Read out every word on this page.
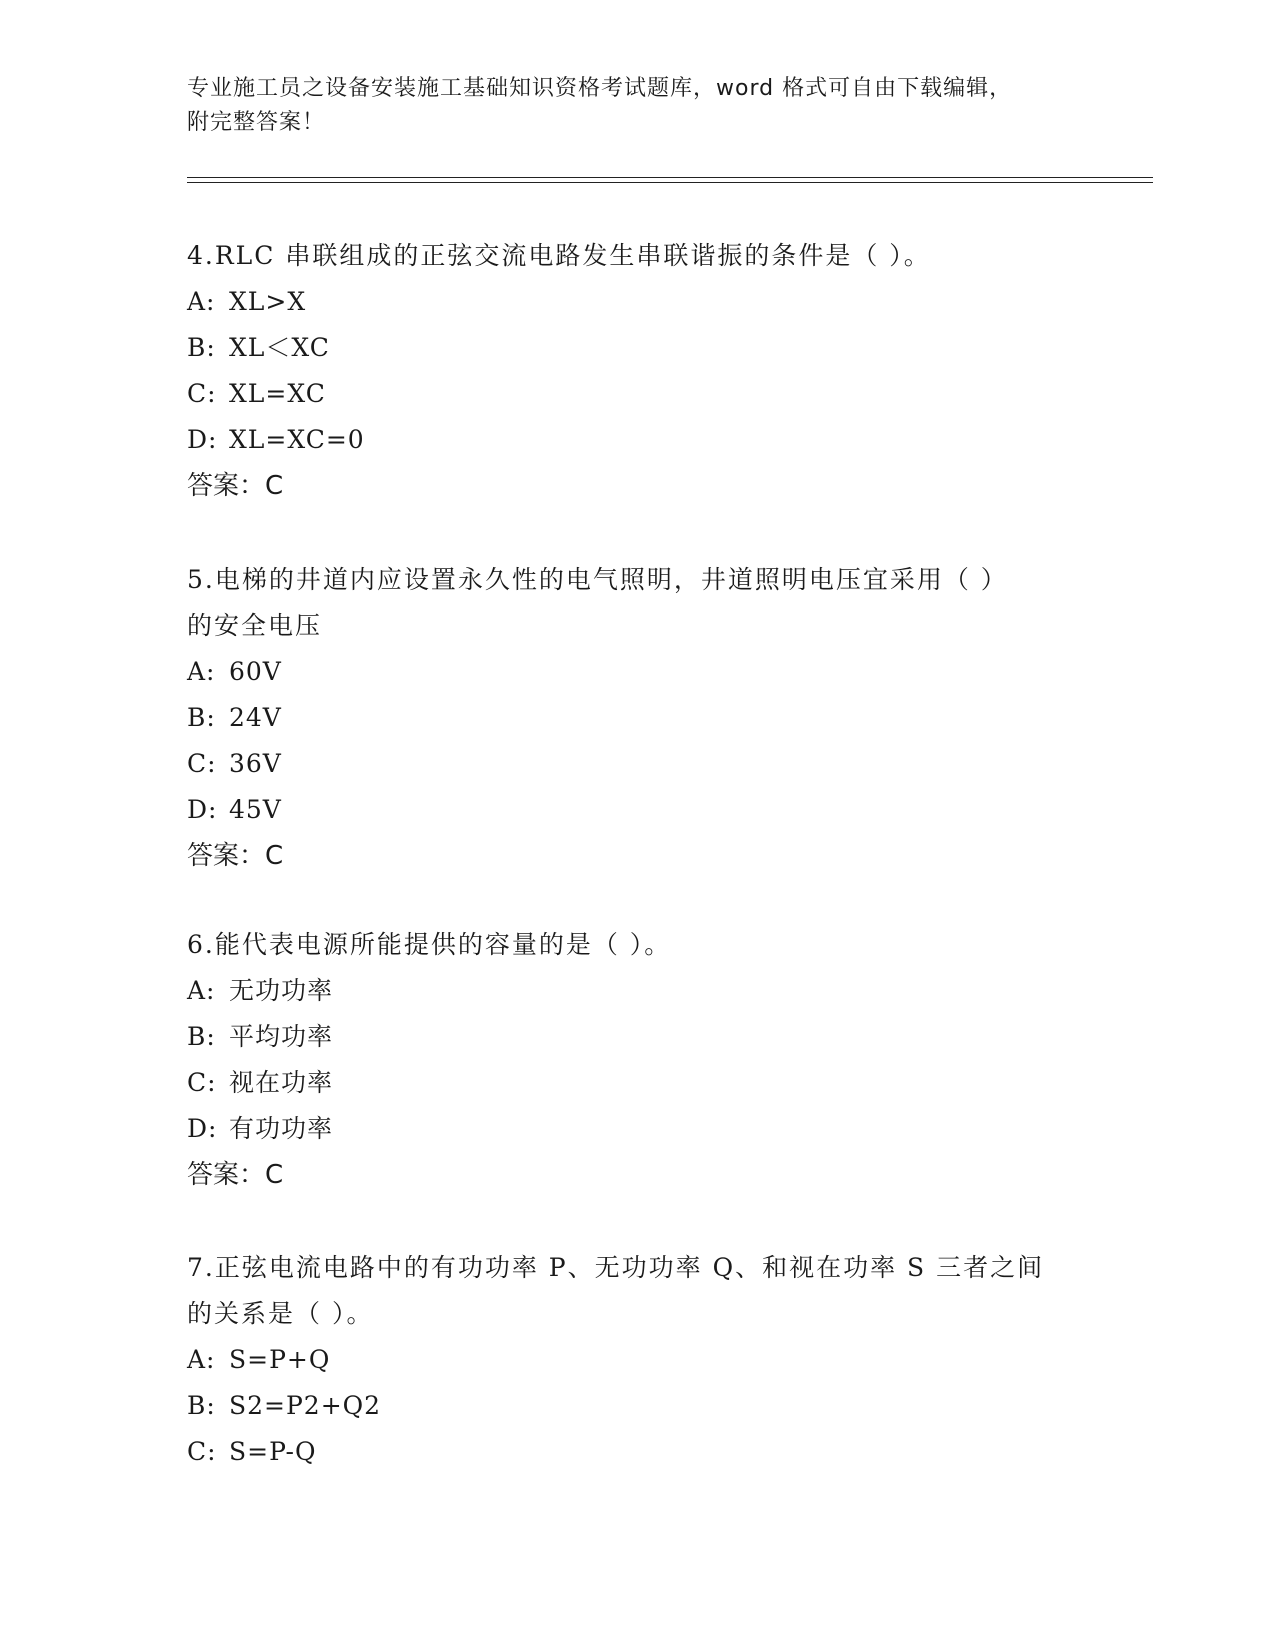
专业施工员之设备安装施工基础知识资格考试题库，word 格式可自由下载编辑，
附完整答案！
4.RLC 串联组成的正弦交流电路发生串联谐振的条件是（ ）。
A: XL>X
B: XL＜XC
C: XL=XC
D: XL=XC=0
答案：C
5.电梯的井道内应设置永久性的电气照明，井道照明电压宜采用（ ）
的安全电压
A: 60V
B: 24V
C: 36V
D: 45V
答案：C
6.能代表电源所能提供的容量的是（ ）。
A: 无功功率
B: 平均功率
C: 视在功率
D: 有功功率
答案：C
7.正弦电流电路中的有功功率 P、无功功率 Q、和视在功率 S 三者之间
的关系是（ ）。
A: S=P+Q
B: S2=P2+Q2
C: S=P-Q
